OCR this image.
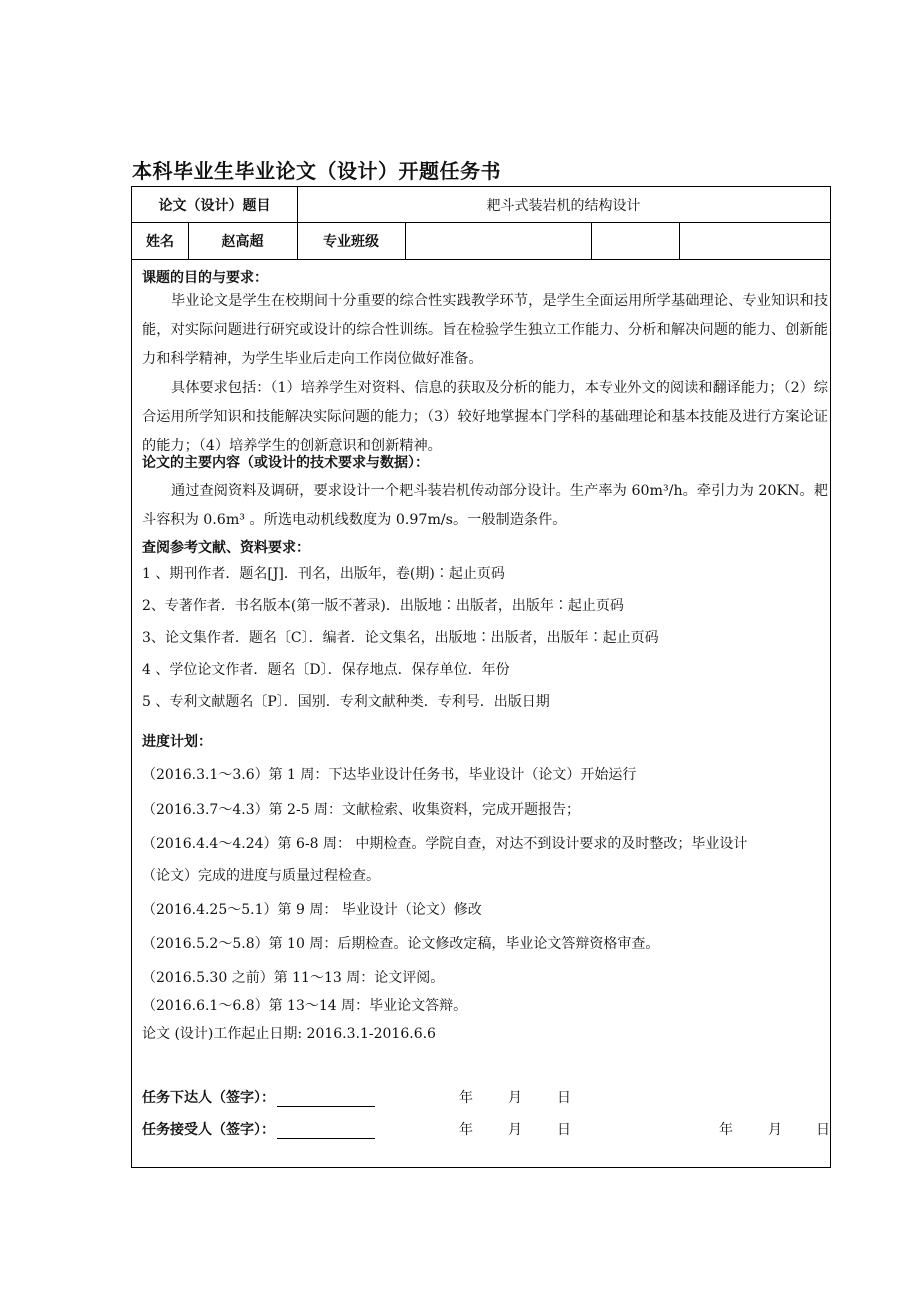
本科毕业生毕业论文（设计）开题任务书
论文（设计）题目	耙斗式装岩机的结构设计
姓名	赵高超	专业班级
课题的目的与要求：
毕业论文是学生在校期间十分重要的综合性实践教学环节，是学生全面运用所学基础理论、专业知识和技能，对实际问题进行研究或设计的综合性训练。旨在检验学生独立工作能力、分析和解决问题的能力、创新能力和科学精神，为学生毕业后走向工作岗位做好准备。
具体要求包括：（1）培养学生对资料、信息的获取及分析的能力，本专业外文的阅读和翻译能力；（2）综合运用所学知识和技能解决实际问题的能力；（3）较好地掌握本门学科的基础理论和基本技能及进行方案论证的能力；（4）培养学生的创新意识和创新精神。
论文的主要内容（或设计的技术要求与数据）：
通过查阅资料及调研，要求设计一个耙斗装岩机传动部分设计。生产率为 60m³/h。牵引力为 20KN。耙斗容积为 0.6m³ 。所选电动机线数度为 0.97m/s。一般制造条件。
查阅参考文献、资料要求：
1 、期刊作者．题名[J]．刊名，出版年，卷(期)∶起止页码
2、专著作者．书名版本(第一版不著录)．出版地∶出版者，出版年∶起止页码
3、论文集作者．题名〔C〕．编者．论文集名，出版地∶出版者，出版年∶起止页码
4 、学位论文作者．题名〔D〕．保存地点．保存单位．年份
5 、专利文献题名〔P〕．国别．专利文献种类．专利号．出版日期
进度计划：
（2016.3.1～3.6）第 1 周：下达毕业设计任务书，毕业设计（论文）开始运行
（2016.3.7～4.3）第 2-5 周：文献检索、收集资料，完成开题报告；
（2016.4.4～4.24）第 6-8 周： 中期检查。学院自查，对达不到设计要求的及时整改；毕业设计
（论文）完成的进度与质量过程检查。
（2016.4.25～5.1）第 9 周： 毕业设计（论文）修改
（2016.5.2～5.8）第 10 周：后期检查。论文修改定稿，毕业论文答辩资格审查。
（2016.5.30 之前）第 11～13 周：论文评阅。
（2016.6.1～6.8）第 13～14 周：毕业论文答辩。
论文 (设计)工作起止日期: 2016.3.1-2016.6.6
任务下达人（签字）：	年	月	日
任务接受人（签字）：	年	月	日	年	月 日
